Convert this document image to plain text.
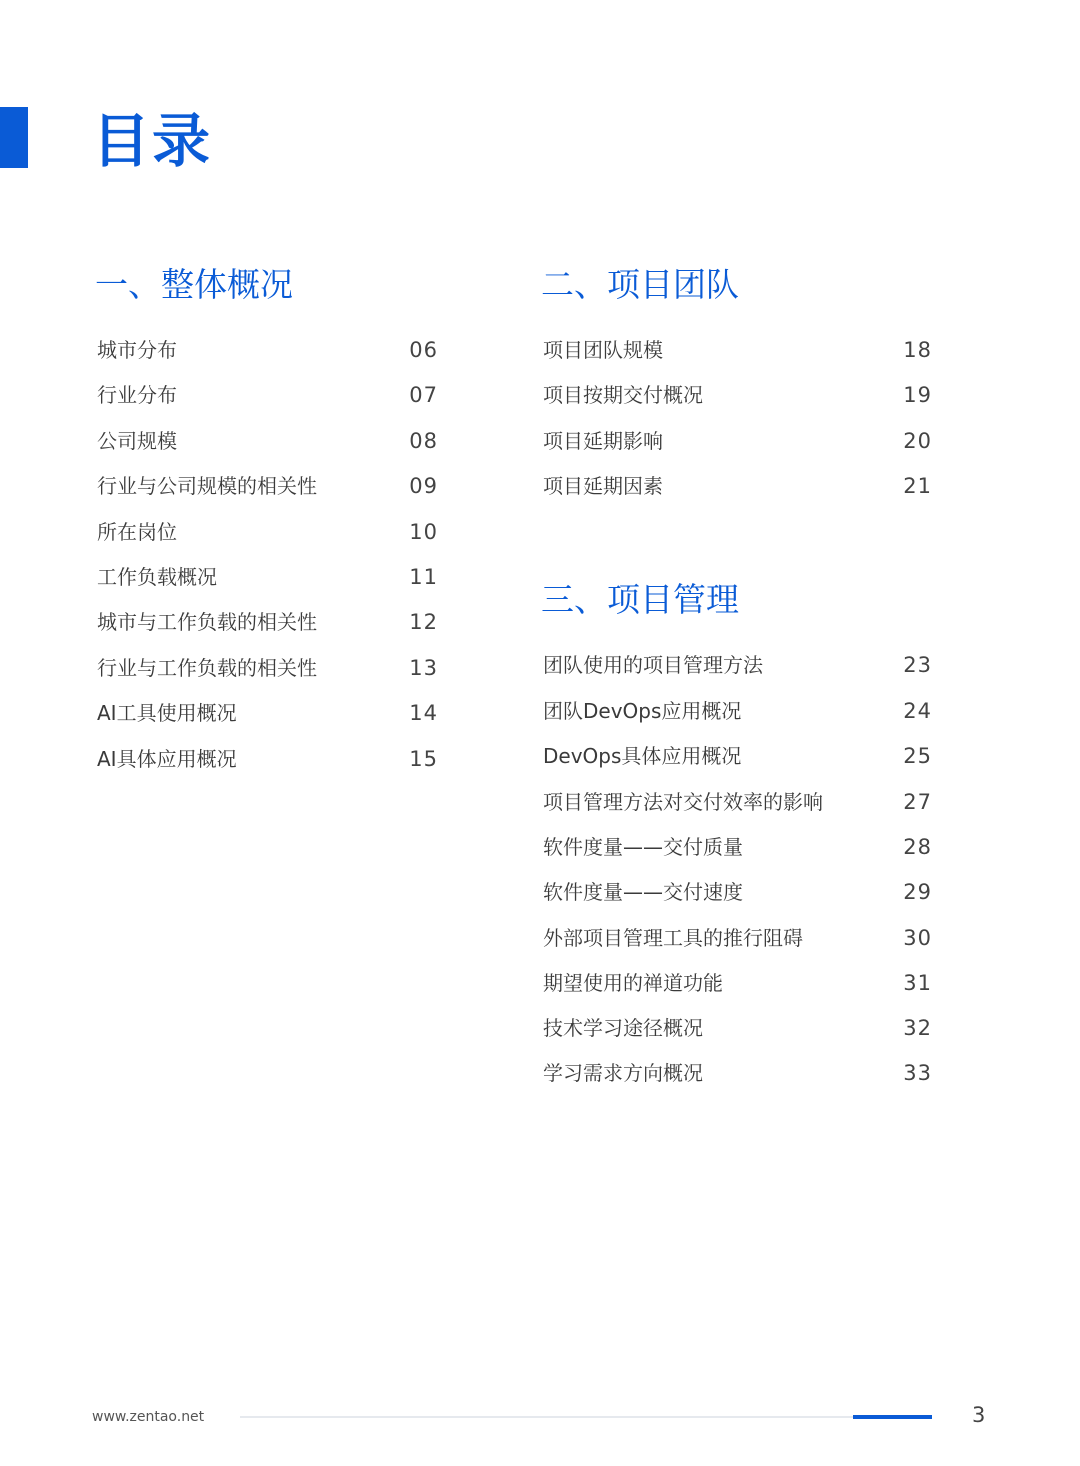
目录
一、整体概况
城市分布	06
行业分布	07
公司规模	08
行业与公司规模的相关性	09
所在岗位	10
工作负载概况	11
城市与工作负载的相关性	12
行业与工作负载的相关性	13
AI工具使用概况	14
AI具体应用概况	15
二、项目团队
项目团队规模	18
项目按期交付概况	19
项目延期影响	20
项目延期因素	21
三、项目管理
团队使用的项目管理方法	23
团队DevOps应用概况	24
DevOps具体应用概况	25
项目管理方法对交付效率的影响	27
软件度量——交付质量	28
软件度量——交付速度	29
外部项目管理工具的推行阻碍	30
期望使用的禅道功能	31
技术学习途径概况	32
学习需求方向概况	33
www.zentao.net	3
